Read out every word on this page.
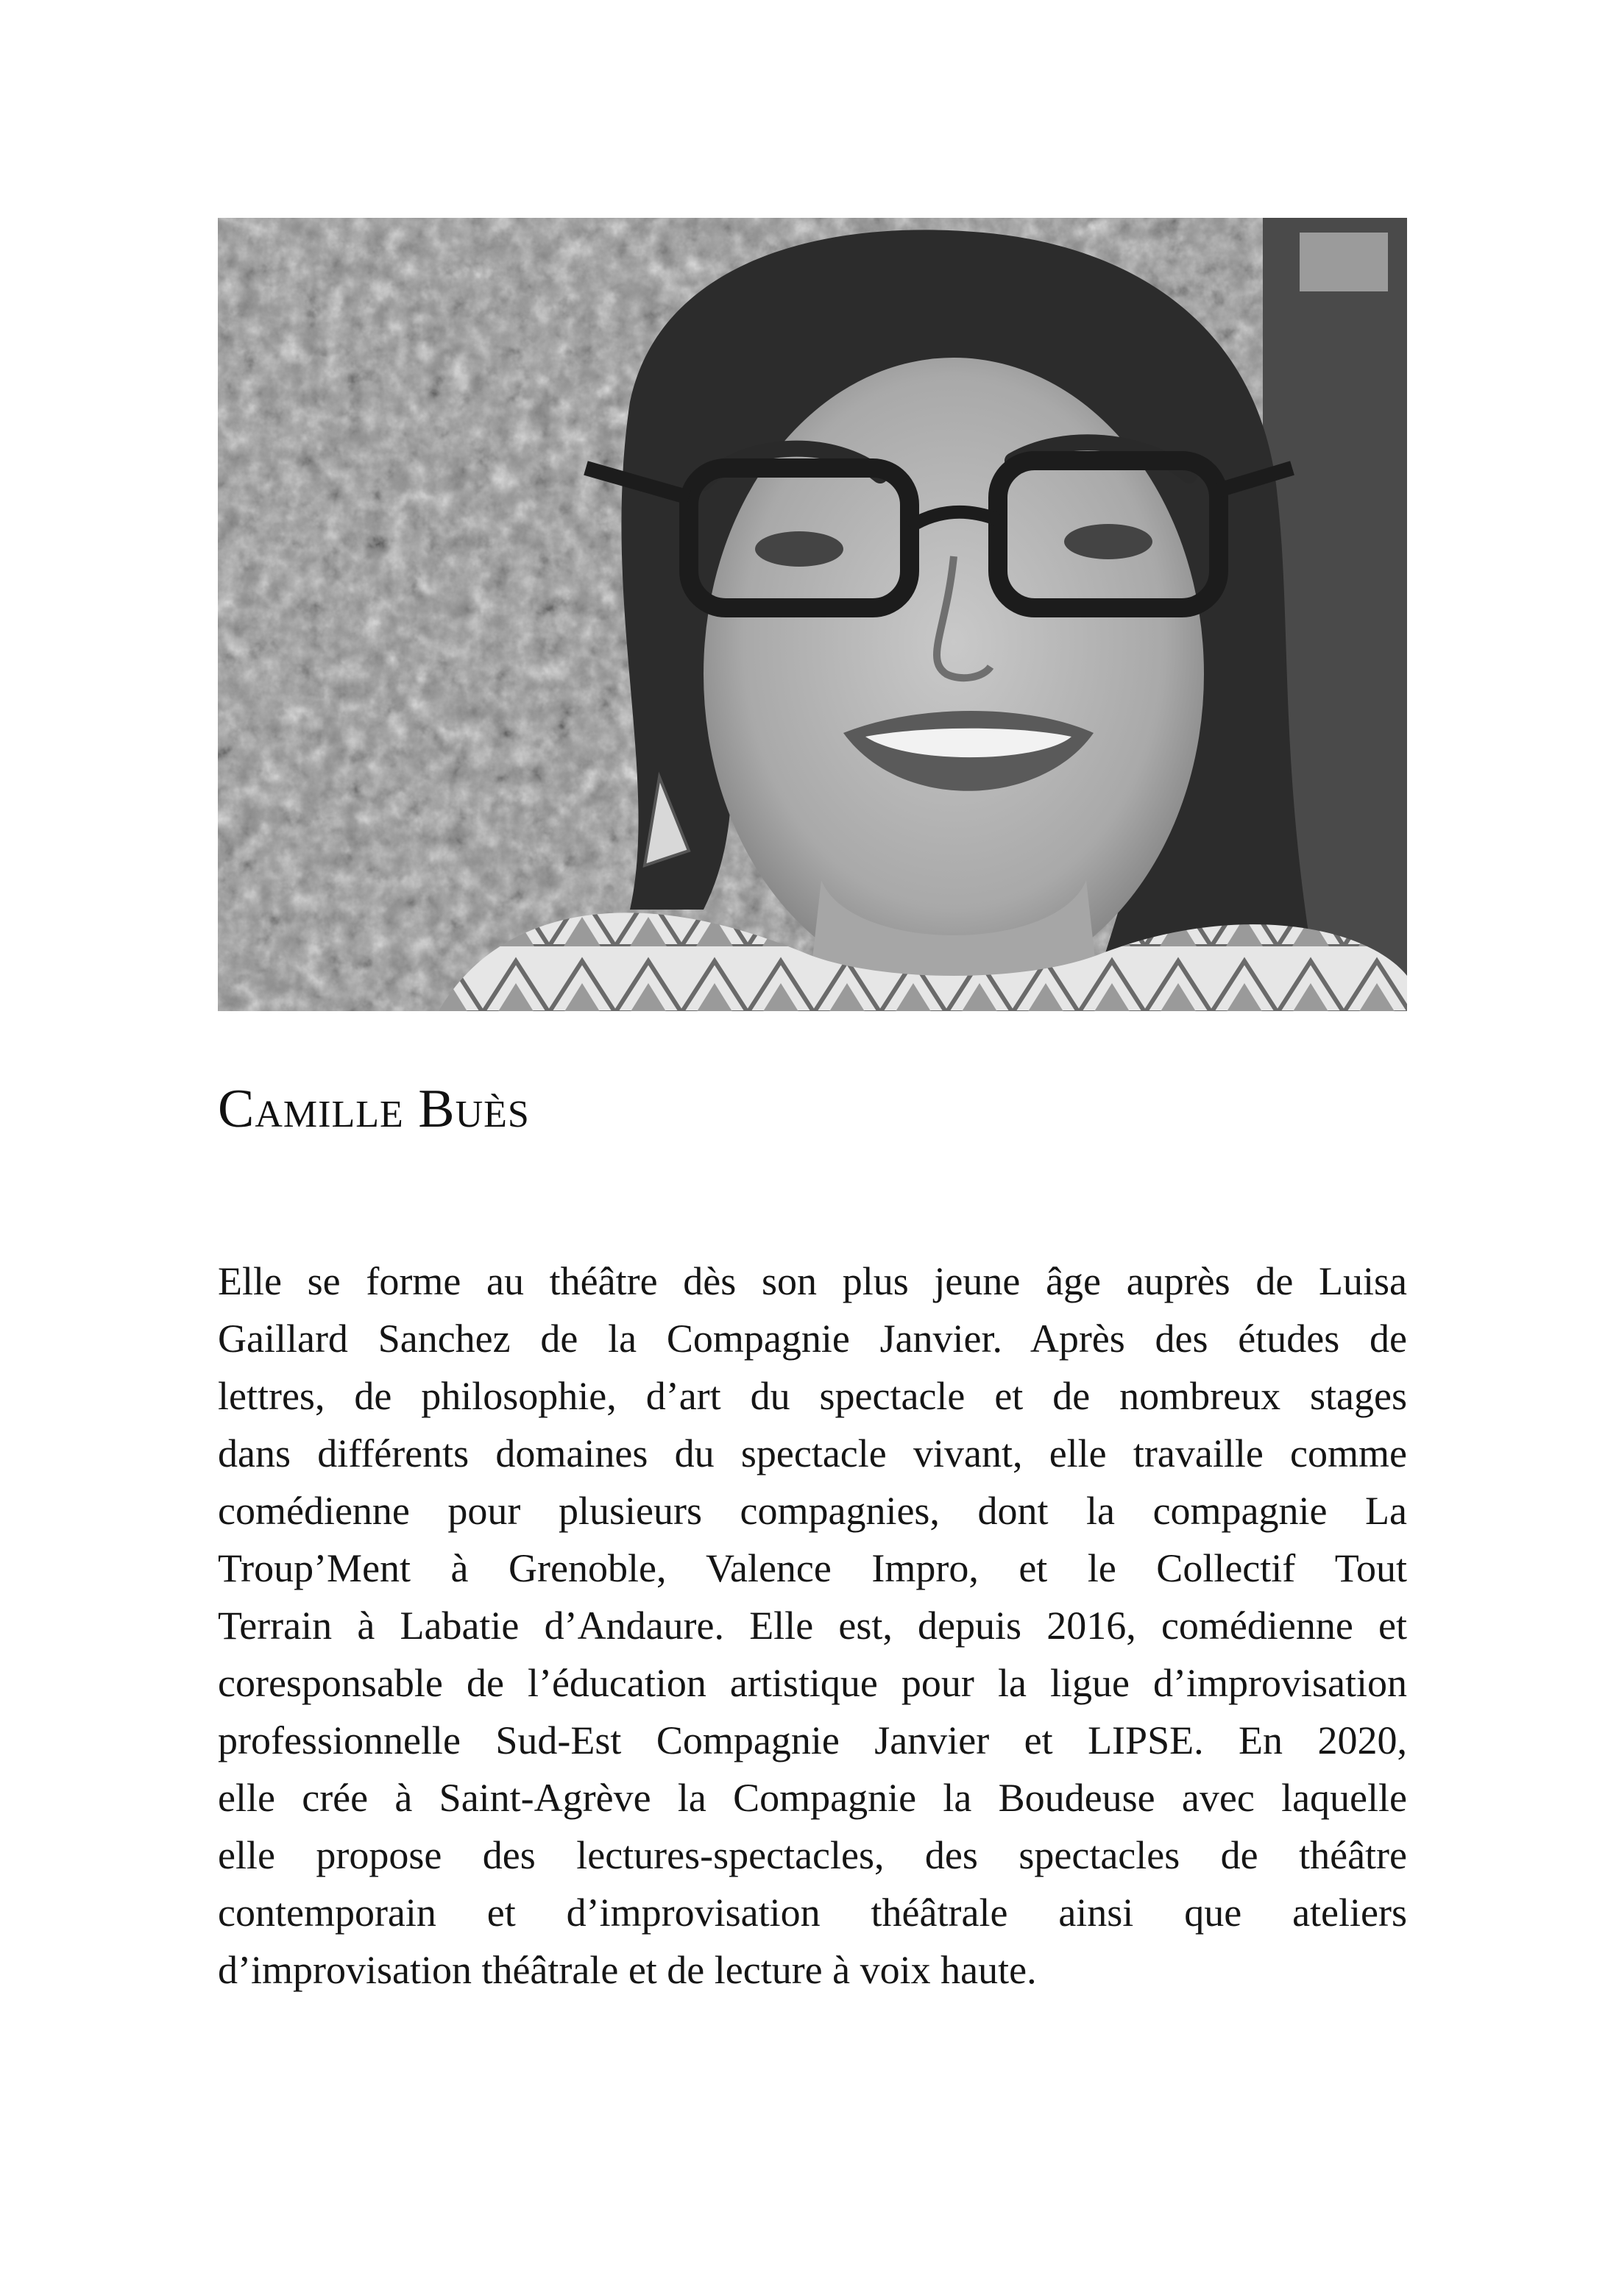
Camille Buès
Elle se forme au théâtre dès son plus jeune âge auprès de Luisa
Gaillard Sanchez de la Compagnie Janvier. Après des études de
lettres, de philosophie, d’art du spectacle et de nombreux stages
dans différents domaines du spectacle vivant, elle travaille comme
comédienne pour plusieurs compagnies, dont la compagnie La
Troup’Ment à Grenoble, Valence Impro, et le Collectif Tout
Terrain à Labatie d’Andaure. Elle est, depuis 2016, comédienne et
coresponsable de l’éducation artistique pour la ligue d’improvisation
professionnelle Sud-Est Compagnie Janvier et LIPSE. En 2020,
elle crée à Saint-Agrève la Compagnie la Boudeuse avec laquelle
elle propose des lectures-spectacles, des spectacles de théâtre
contemporain et d’improvisation théâtrale ainsi que ateliers
d’improvisation théâtrale et de lecture à voix haute.
